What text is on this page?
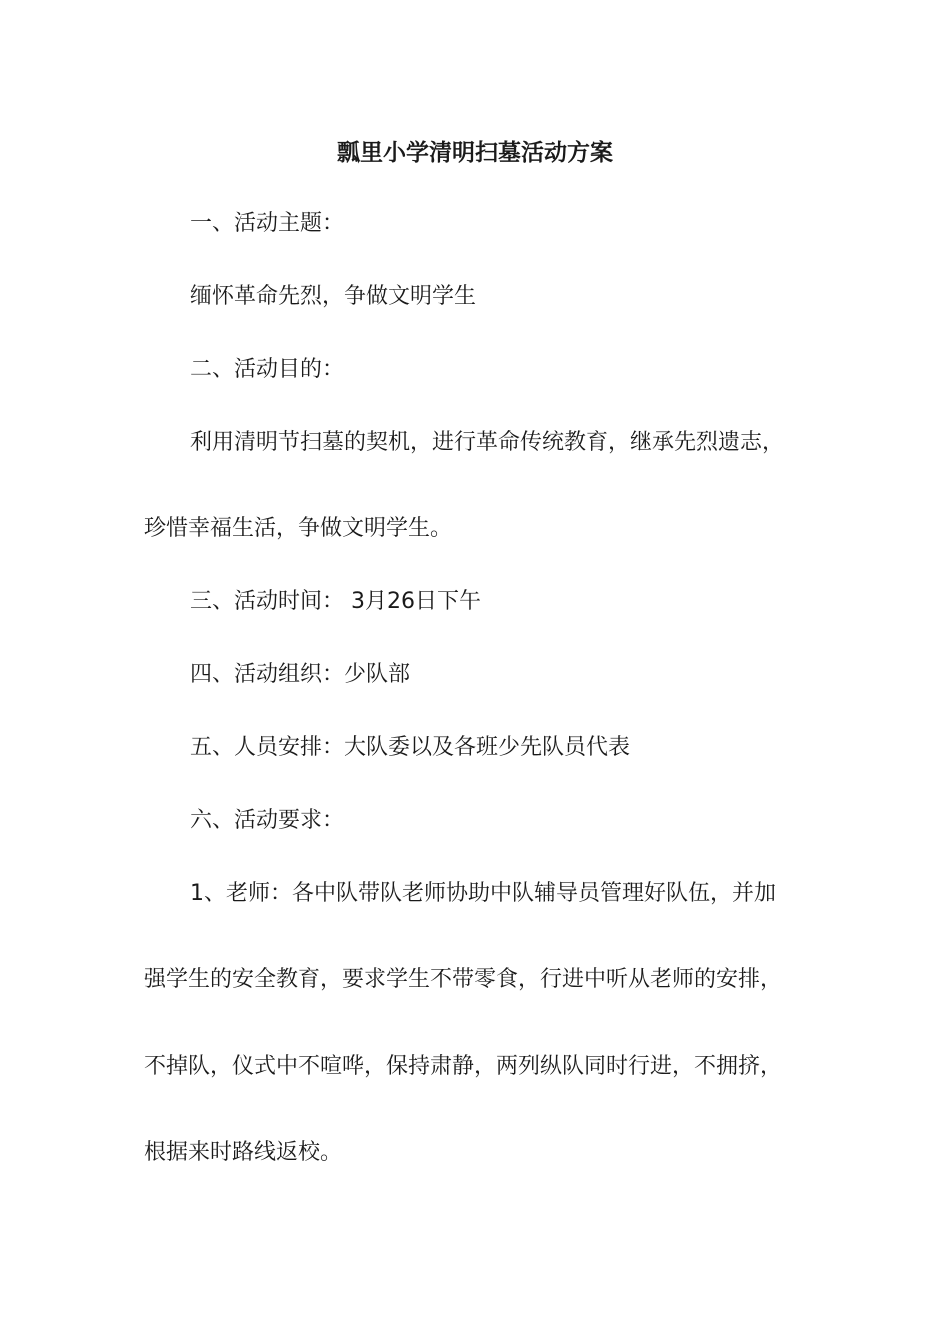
瓢里小学清明扫墓活动方案
一、活动主题：
缅怀革命先烈，争做文明学生
二、活动目的：
利用清明节扫墓的契机，进行革命传统教育，继承先烈遗志，
珍惜幸福生活，争做文明学生。
三、活动时间： 3月26日下午
四、活动组织：少队部
五、人员安排：大队委以及各班少先队员代表
六、活动要求：
1、老师：各中队带队老师协助中队辅导员管理好队伍，并加
强学生的安全教育，要求学生不带零食，行进中听从老师的安排，
不掉队，仪式中不喧哗，保持肃静，两列纵队同时行进，不拥挤，
根据来时路线返校。
